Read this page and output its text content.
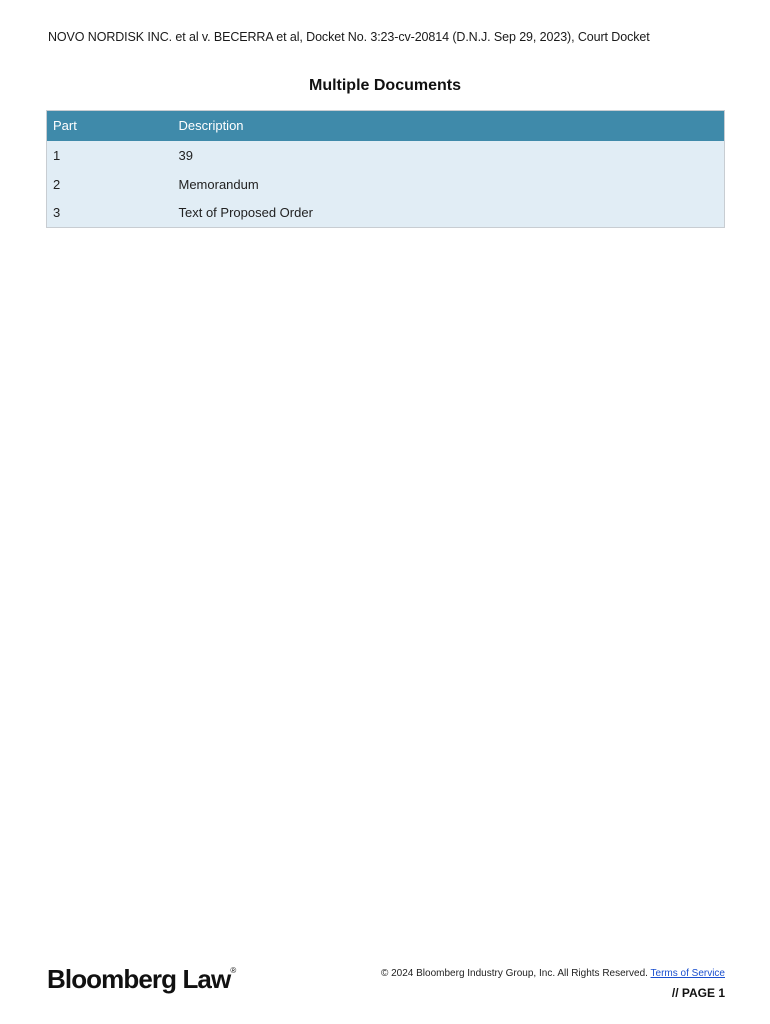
NOVO NORDISK INC. et al v. BECERRA et al, Docket No. 3:23-cv-20814 (D.N.J. Sep 29, 2023), Court Docket
Multiple Documents
Part	Description
1	39
2	Memorandum
3	Text of Proposed Order
Bloomberg Law®	© 2024 Bloomberg Industry Group, Inc. All Rights Reserved. Terms of Service
// PAGE 1
